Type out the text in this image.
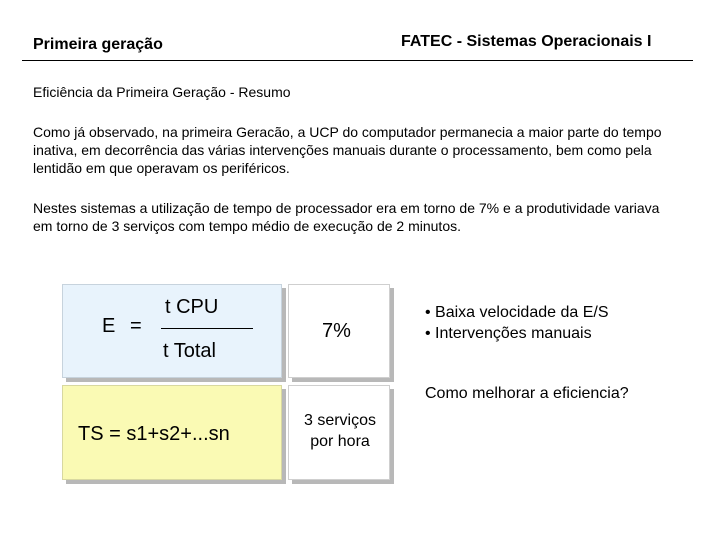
Primeira geração	FATEC - Sistemas Operacionais I
Eficiência da Primeira Geração - Resumo
Como já observado, na primeira Geracão, a UCP do computador permanecia a maior parte do tempo inativa, em decorrência das várias intervenções manuais durante o processamento, bem como pela lentidão em que operavam os periféricos.
Nestes sistemas a utilização de tempo de processador era em torno de 7% e a produtividade variava em torno de 3 serviços com tempo médio de execução de 2 minutos.
E =
t CPU
t Total
7%
• Baixa velocidade da E/S
• Intervenções manuais
Como melhorar a eficiencia?
TS = s1+s2+...sn
3 serviços
por hora
